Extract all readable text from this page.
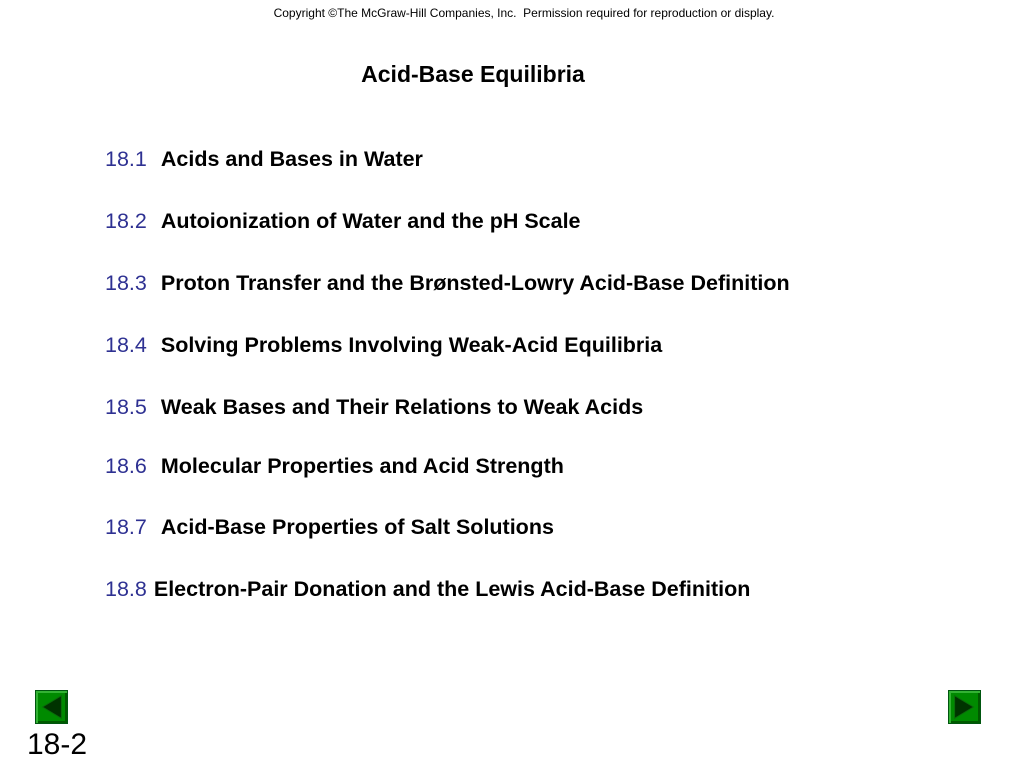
Copyright ©The McGraw-Hill Companies, Inc.  Permission required for reproduction or display.
Acid-Base Equilibria
18.1 Acids and Bases in Water
18.2 Autoionization of Water and the pH Scale
18.3 Proton Transfer and the Brønsted-Lowry Acid-Base Definition
18.4 Solving Problems Involving Weak-Acid Equilibria
18.5 Weak Bases and Their Relations to Weak Acids
18.6 Molecular Properties and Acid Strength
18.7 Acid-Base Properties of Salt Solutions
18.8 Electron-Pair Donation and the Lewis Acid-Base Definition
18-2
